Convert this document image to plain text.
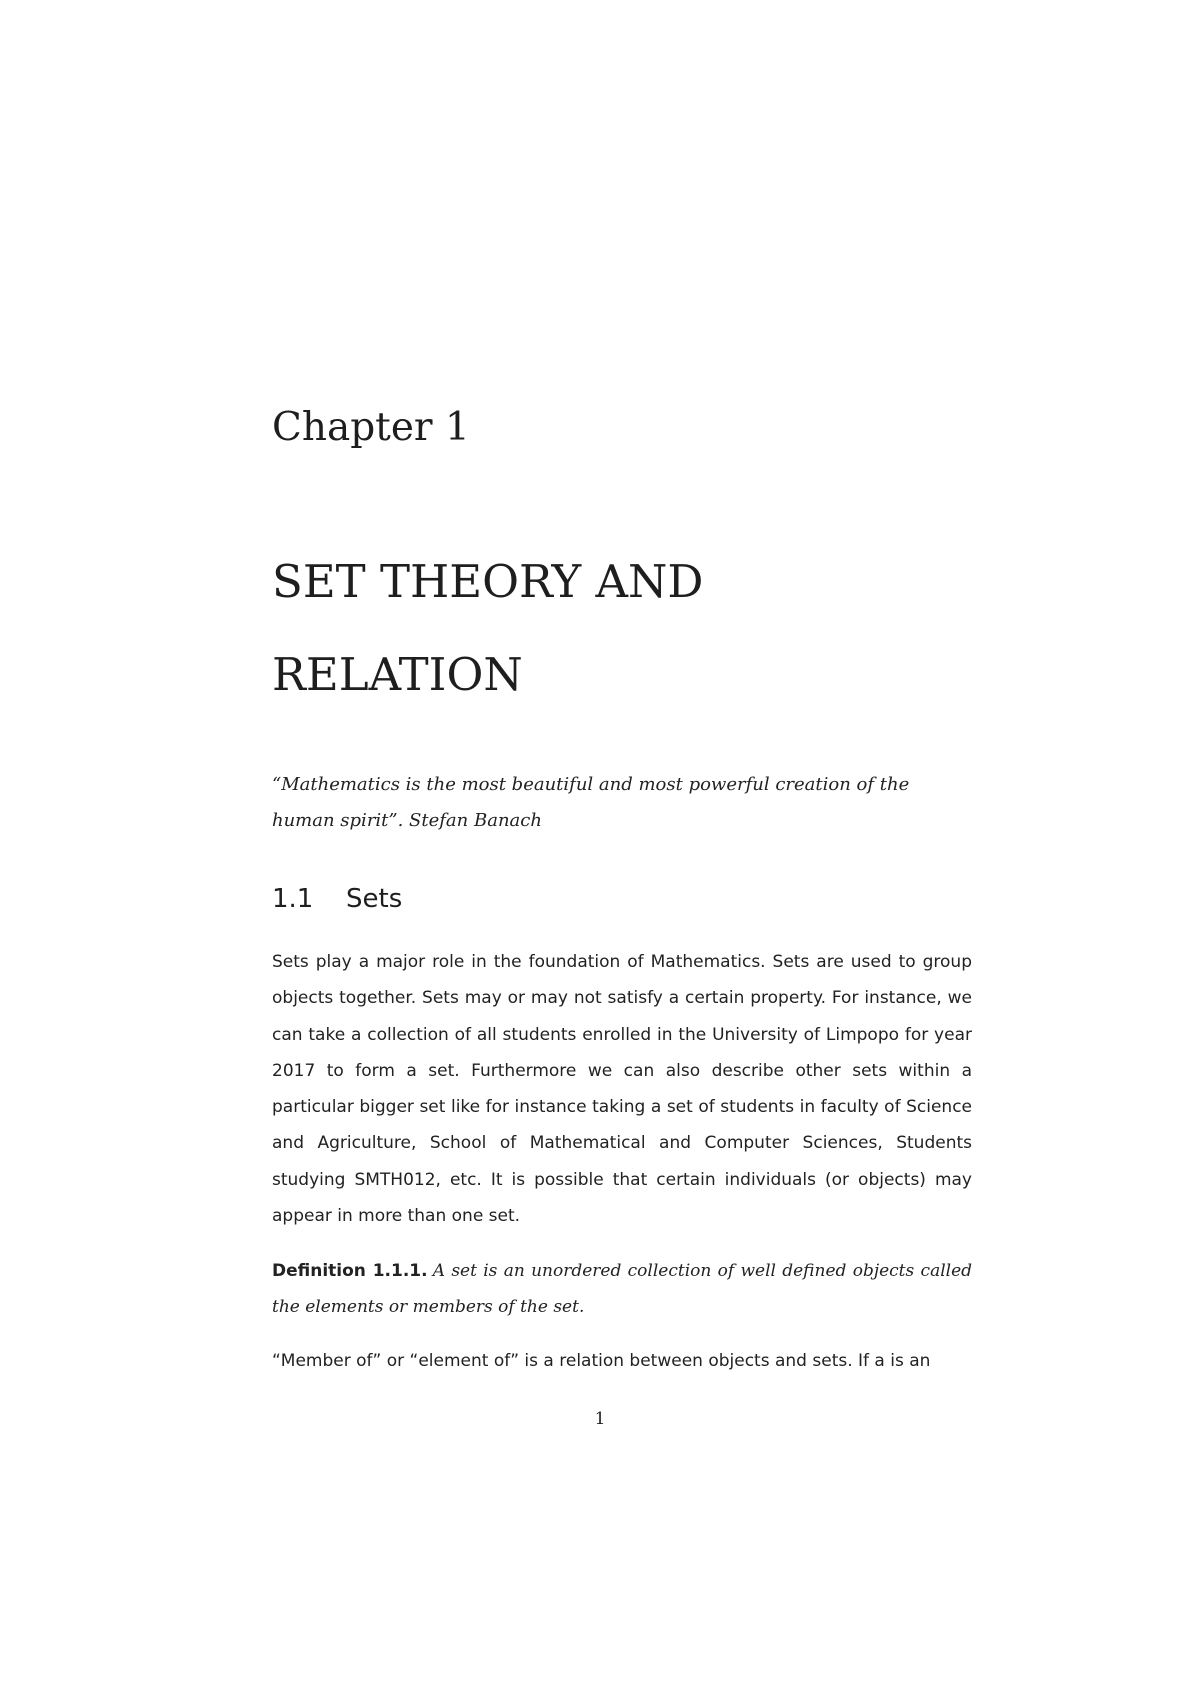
Chapter 1
SET THEORY AND RELATION

“Mathematics is the most beautiful and most powerful creation of the human spirit”. Stefan Banach

1.1 Sets

Sets play a major role in the foundation of Mathematics. Sets are used to group objects together. Sets may or may not satisfy a certain property. For instance, we can take a collection of all students enrolled in the University of Limpopo for year 2017 to form a set. Furthermore we can also describe other sets within a particular bigger set like for instance taking a set of students in faculty of Science and Agriculture, School of Mathematical and Computer Sciences, Students studying SMTH012, etc. It is possible that certain individuals (or objects) may appear in more than one set.

Definition 1.1.1. A set is an unordered collection of well defined objects called the elements or members of the set.

“Member of” or “element of” is a relation between objects and sets. If a is an

1
